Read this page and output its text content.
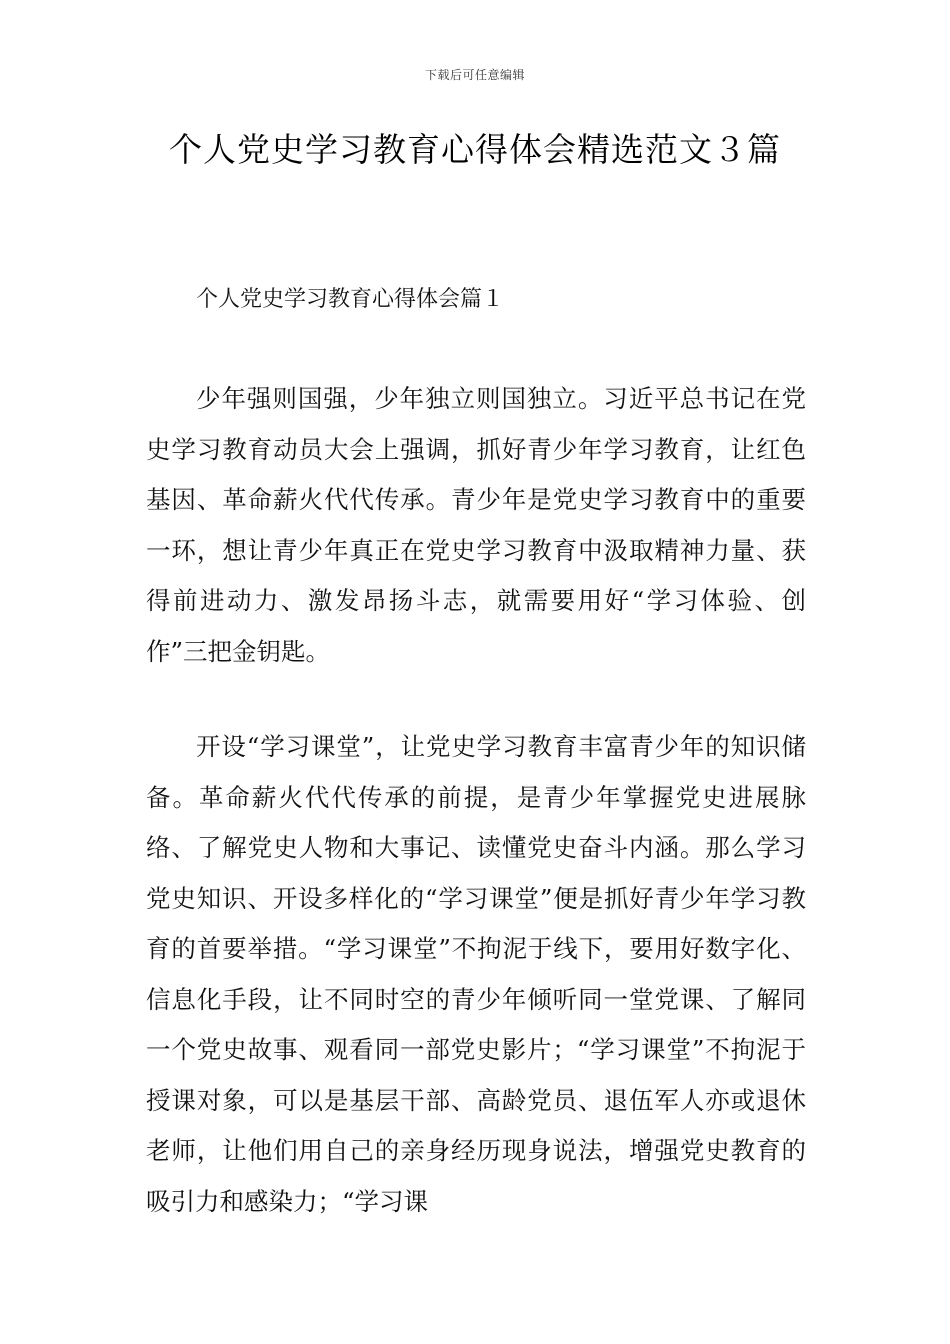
下载后可任意编辑
个人党史学习教育心得体会精选范文３篇
个人党史学习教育心得体会篇１

少年强则国强，少年独立则国独立。习近平总书记在党史学习教育动员大会上强调，抓好青少年学习教育，让红色基因、革命薪火代代传承。青少年是党史学习教育中的重要一环，想让青少年真正在党史学习教育中汲取精神力量、获得前进动力、激发昂扬斗志，就需要用好“学习体验、创作”三把金钥匙。

开设“学习课堂”，让党史学习教育丰富青少年的知识储备。革命薪火代代传承的前提，是青少年掌握党史进展脉络、了解党史人物和大事记、读懂党史奋斗内涵。那么学习党史知识、开设多样化的“学习课堂”便是抓好青少年学习教育的首要举措。“学习课堂”不拘泥于线下，要用好数字化、信息化手段，让不同时空的青少年倾听同一堂党课、了解同一个党史故事、观看同一部党史影片；“学习课堂”不拘泥于授课对象，可以是基层干部、高龄党员、退伍军人亦或退休老师，让他们用自己的亲身经历现身说法，增强党史教育的吸引力和感染力；“学习课
